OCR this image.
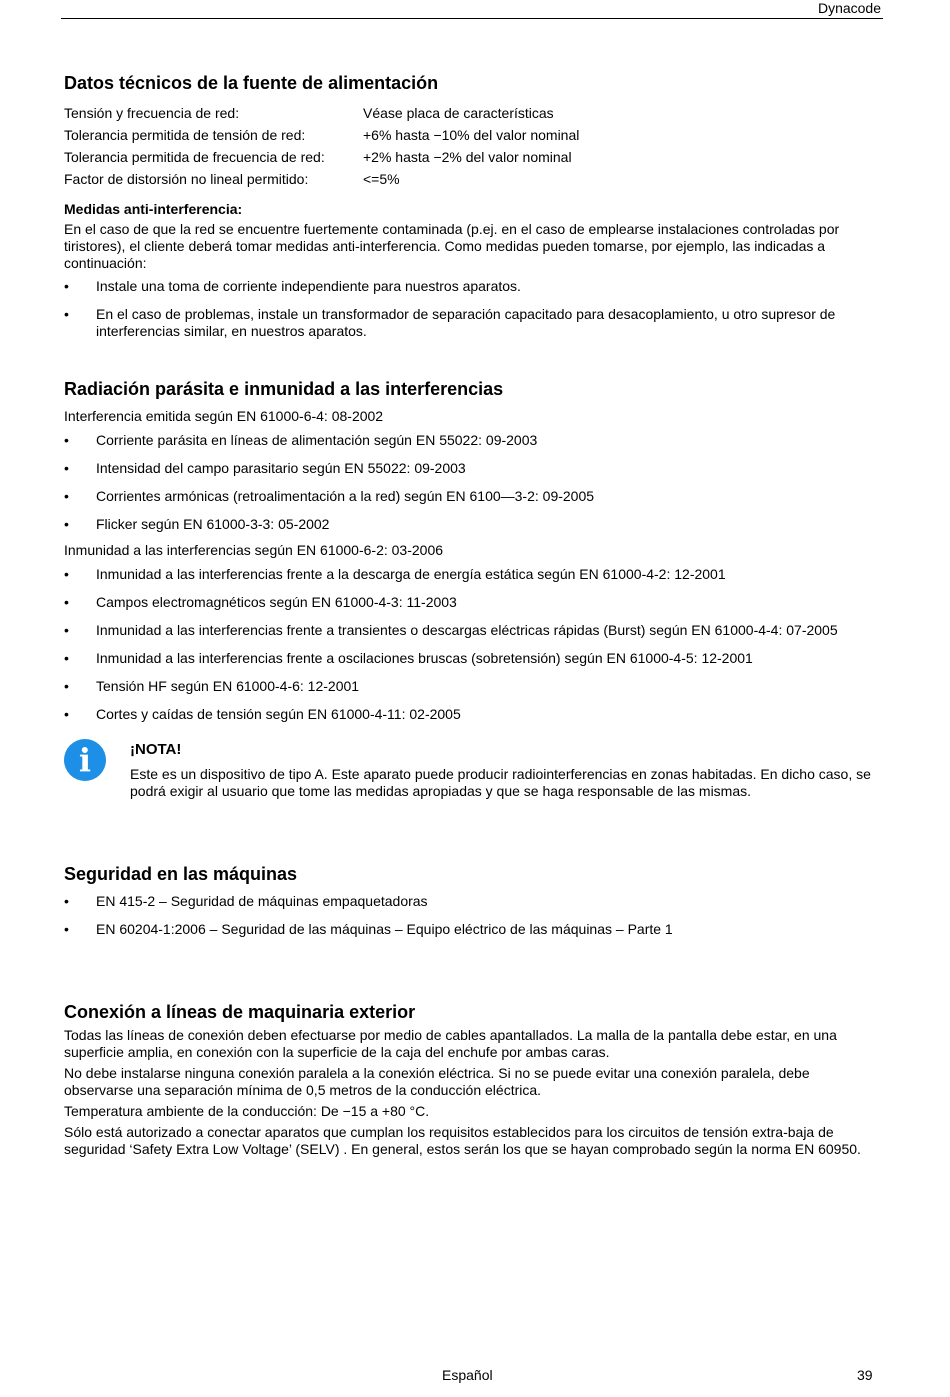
Dynacode
Datos técnicos de la fuente de alimentación
Tensión y frecuencia de red:	Véase placa de características
Tolerancia permitida de tensión de red:	+6% hasta −10% del valor nominal
Tolerancia permitida de frecuencia de red:	+2% hasta −2% del valor nominal
Factor de distorsión no lineal permitido:	<=5%
Medidas anti-interferencia:

En el caso de que la red se encuentre fuertemente contaminada (p.ej. en el caso de emplearse instalaciones controladas por tiristores), el cliente deberá tomar medidas anti-interferencia. Como medidas pueden tomarse, por ejemplo, las indicadas a continuación:

• Instale una toma de corriente independiente para nuestros aparatos.
• En el caso de problemas, instale un transformador de separación capacitado para desacoplamiento, u otro supresor de interferencias similar, en nuestros aparatos.
Radiación parásita e inmunidad a las interferencias
Interferencia emitida según EN 61000-6-4: 08-2002
• Corriente parásita en líneas de alimentación según EN 55022: 09-2003
• Intensidad del campo parasitario según EN 55022: 09-2003
• Corrientes armónicas (retroalimentación a la red) según EN 6100—3-2: 09-2005
• Flicker según EN 61000-3-3: 05-2002
Inmunidad a las interferencias según EN 61000-6-2: 03-2006
• Inmunidad a las interferencias frente a la descarga de energía estática según EN 61000-4-2: 12-2001
• Campos electromagnéticos según EN 61000-4-3: 11-2003
• Inmunidad a las interferencias frente a transientes o descargas eléctricas rápidas (Burst) según EN 61000-4-4: 07-2005
• Inmunidad a las interferencias frente a oscilaciones bruscas (sobretensión) según EN 61000-4-5: 12-2001
• Tensión HF según EN 61000-4-6: 12-2001
• Cortes y caídas de tensión según EN 61000-4-11: 02-2005
i	¡NOTA!

Este es un dispositivo de tipo A. Este aparato puede producir radiointerferencias en zonas habitadas. En dicho caso, se podrá exigir al usuario que tome las medidas apropiadas y que se haga responsable de las mismas.

Seguridad en las máquinas
• EN 415-2 – Seguridad de máquinas empaquetadoras
• EN 60204-1:2006 – Seguridad de las máquinas – Equipo eléctrico de las máquinas – Parte 1
Conexión a líneas de maquinaria exterior

Todas las líneas de conexión deben efectuarse por medio de cables apantallados. La malla de la pantalla debe estar, en una superficie amplia, en conexión con la superficie de la caja del enchufe por ambas caras.

No debe instalarse ninguna conexión paralela a la conexión eléctrica. Si no se puede evitar una conexión paralela, debe observarse una separación mínima de 0,5 metros de la conducción eléctrica.

Temperatura ambiente de la conducción: De −15 a +80 °C.

Sólo está autorizado a conectar aparatos que cumplan los requisitos establecidos para los circuitos de tensión extra-baja de seguridad ‘Safety Extra Low Voltage’ (SELV) . En general, estos serán los que se hayan comprobado según la norma EN 60950.

Español	39
